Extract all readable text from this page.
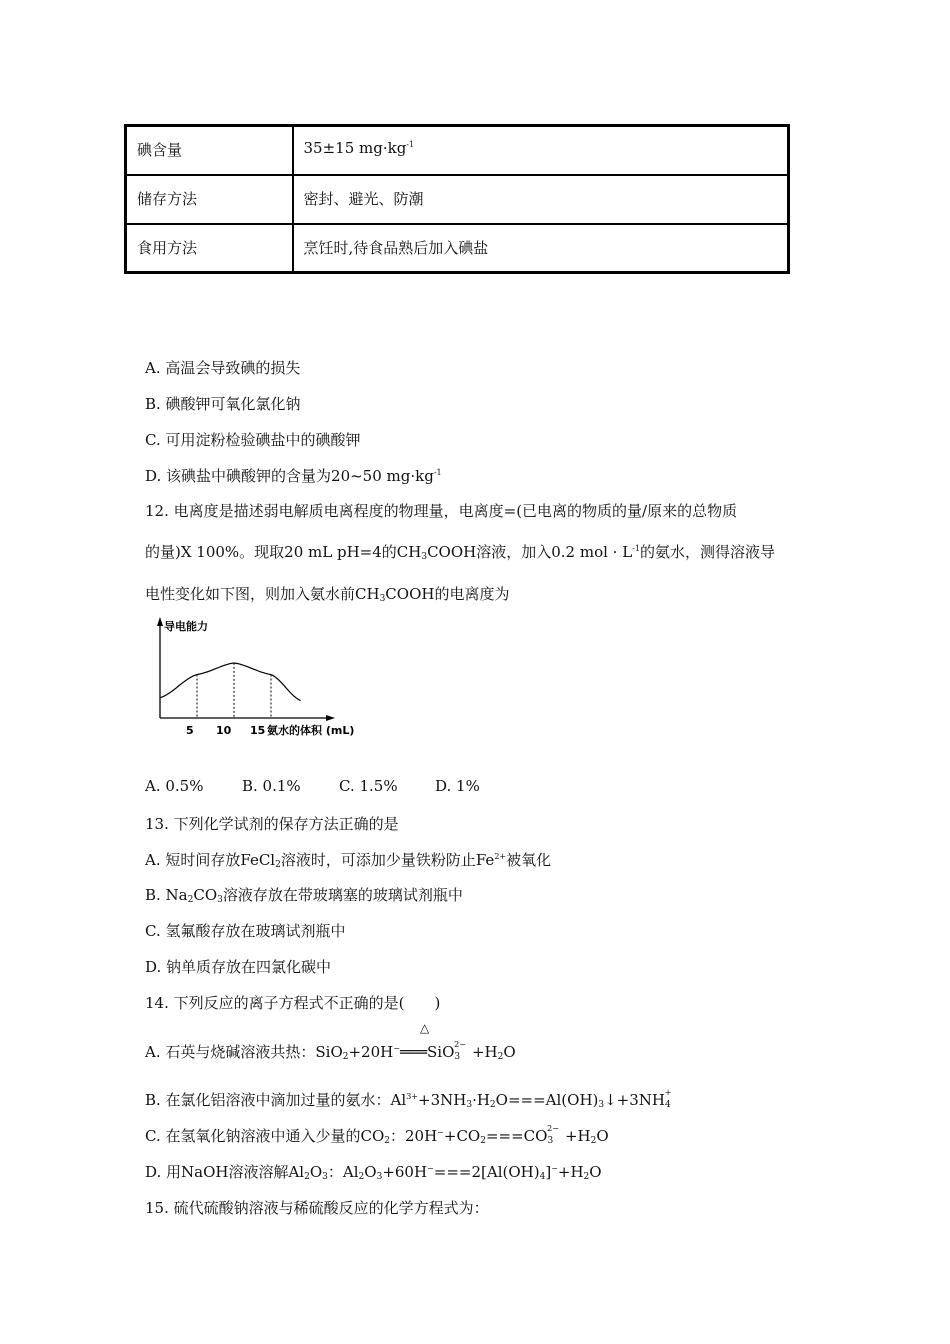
碘含量	35±15 $mg\cdot kg^{-1}$
储存方法	密封、避光、防潮
食用方法	烹饪时,待食品熟后加入碘盐
A. 高温会导致碘的损失
B. 碘酸钾可氧化氯化钠
C. 可用淀粉检验碘盐中的碘酸钾
D. 该碘盐中碘酸钾的含量为20~50 $mg\cdot kg^{-1}$
12. 电离度是描述弱电解质电离程度的物理量，电离度=(已电离的物质的量/原来的总物质
的量)X 100%。现取20 mL pH=4的$CH_3COOH$溶液，加入0.2 mol · $L^{-1}$的氨水，测得溶液导
电性变化如下图，则加入氨水前$CH_3COOH$的电离度为
导电能力
5 10 15 氨水的体积 (mL)
A. 0.5%	B. 0.1%	C. 1.5% D. 1%
13. 下列化学试剂的保存方法正确的是
A. 短时间存放FeCl$_2$溶液时，可添加少量铁粉防止$Fe^{2+}$被氧化
B. $Na_2CO_3$溶液存放在带玻璃塞的玻璃试剂瓶中
C. 氢氟酸存放在玻璃试剂瓶中
D. 钠单质存放在四氯化碳中
14. 下列反应的离子方程式不正确的是(　　)
A. 石英与烧碱溶液共热：SiO$_2$+20H−
△
═══SiO$_3^{2-}$ $+H_2O$
B. 在氯化铝溶液中滴加过量的氨水：$Al^{3+}+3NH_3\cdot H_2O===Al(OH)_3↓+3NH_4^+$
C. 在氢氧化钠溶液中通入少量的$CO_2$：$20H^-+CO_2===CO_3^{2-} +H_2O$
D. 用NaOH溶液溶解$Al_2O_3$：$Al_2O_3+60H^-===2[Al(OH)_4]^-+H_2O$
15. 硫代硫酸钠溶液与稀硫酸反应的化学方程式为：
